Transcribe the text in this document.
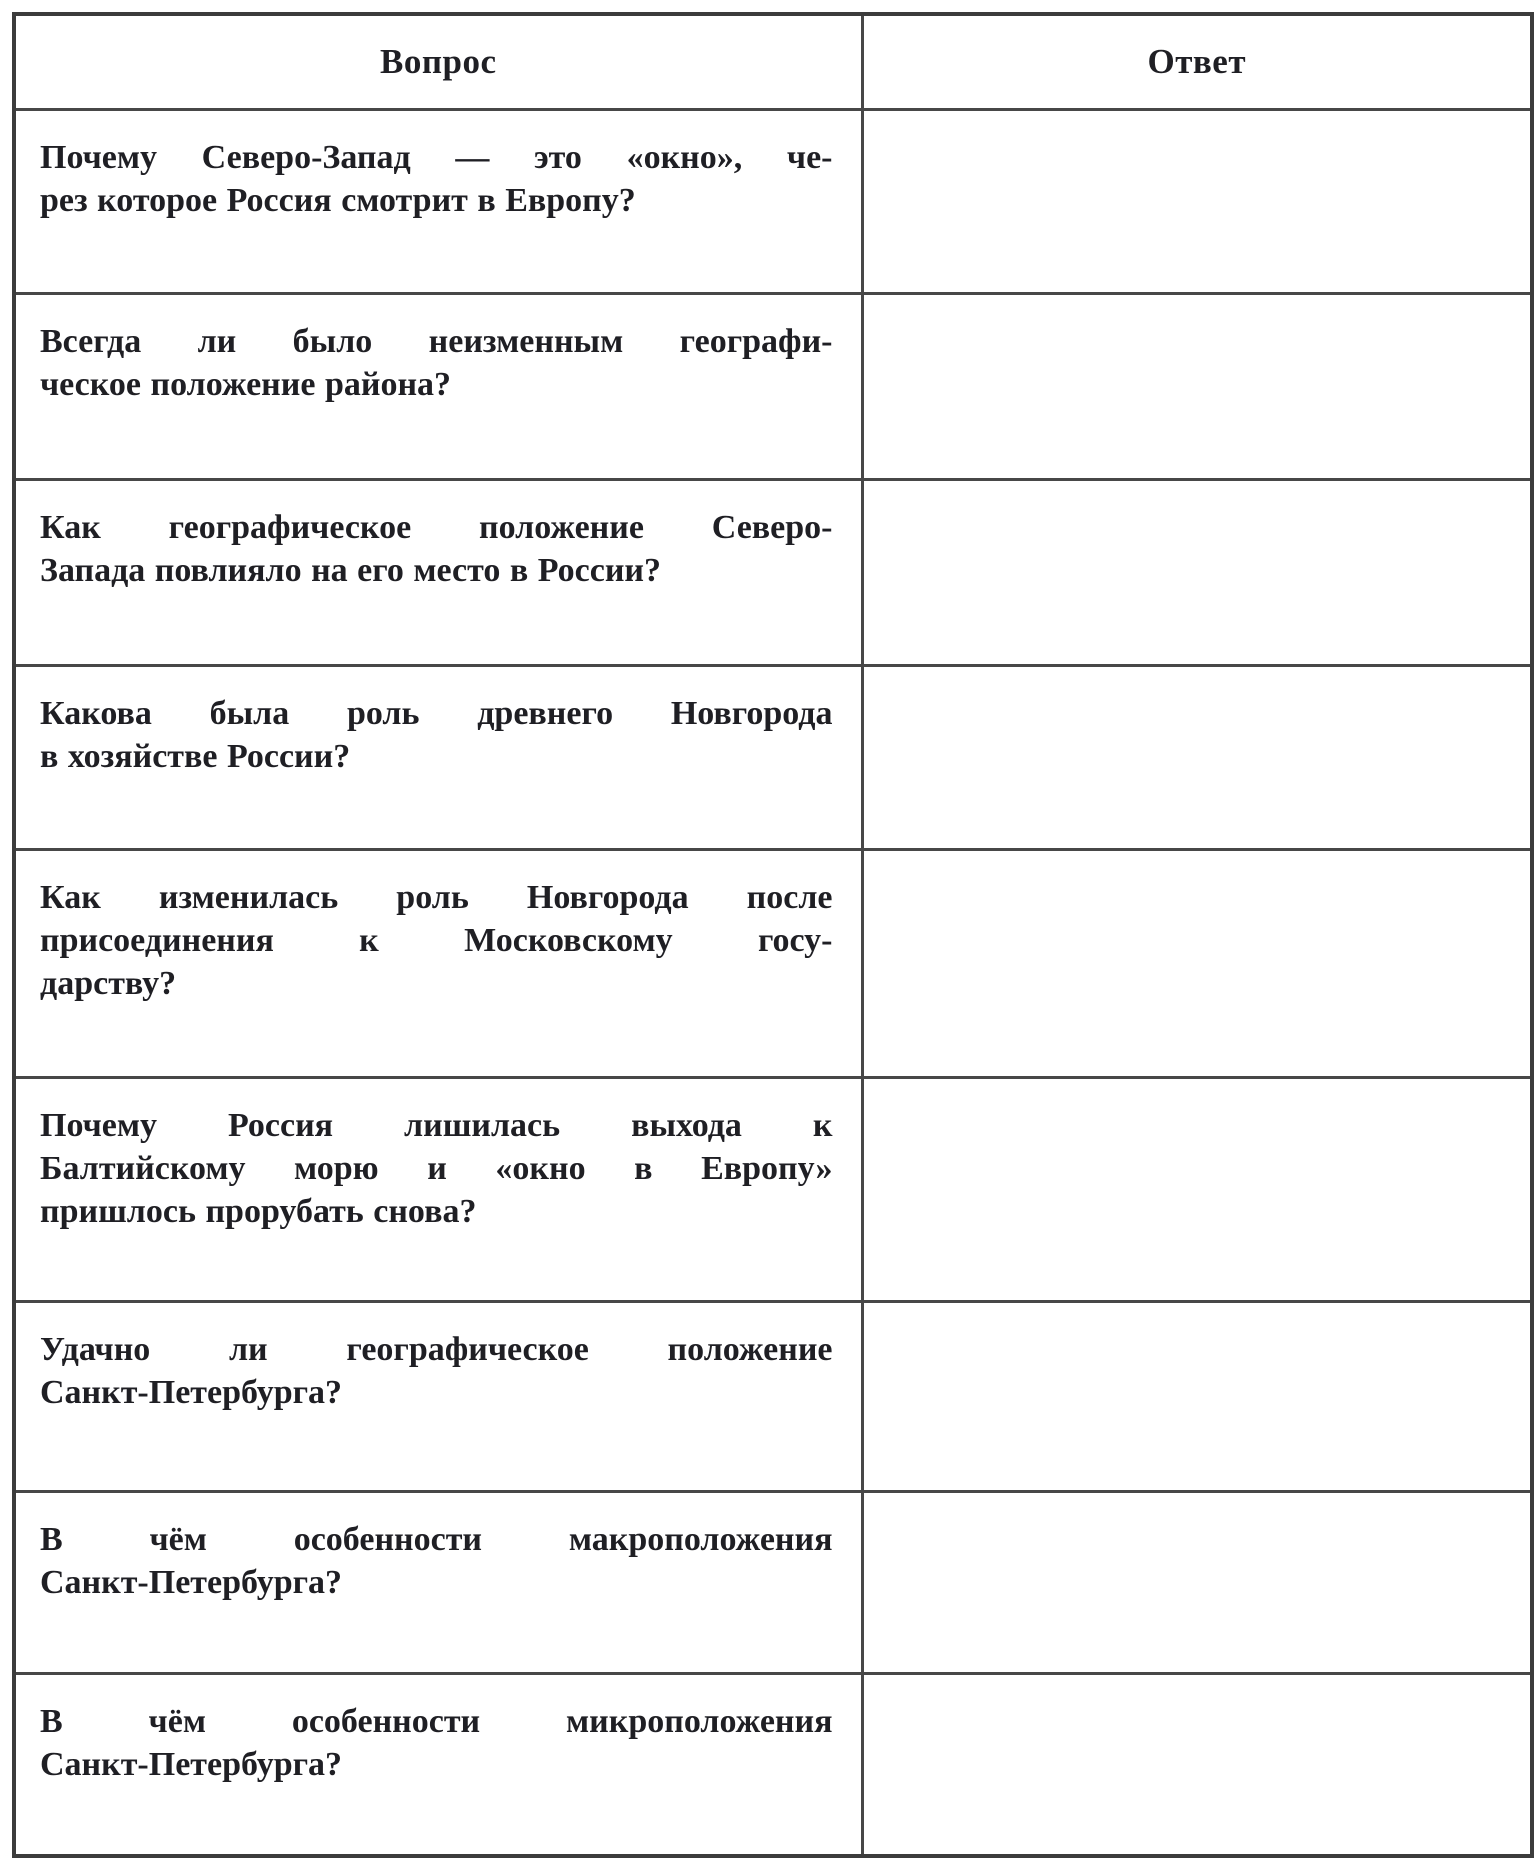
Вопрос	Ответ

Почему Северо-Запад — это «окно», че-
рез которое Россия смотрит в Европу?	

Всегда ли было неизменным географи-
ческое положение района?	

Как географическое положение Северо-
Запада повлияло на его место в России?	

Какова была роль древнего Новгорода
в хозяйстве России?	

Как изменилась роль Новгорода после
присоединения к Московскому госу-
дарству?	

Почему Россия лишилась выхода к
Балтийскому морю и «окно в Европу»
пришлось прорубать снова?	

Удачно ли географическое положение
Санкт-Петербурга?	

В чём особенности макроположения
Санкт-Петербурга?	

В чём особенности микроположения
Санкт-Петербурга?	
